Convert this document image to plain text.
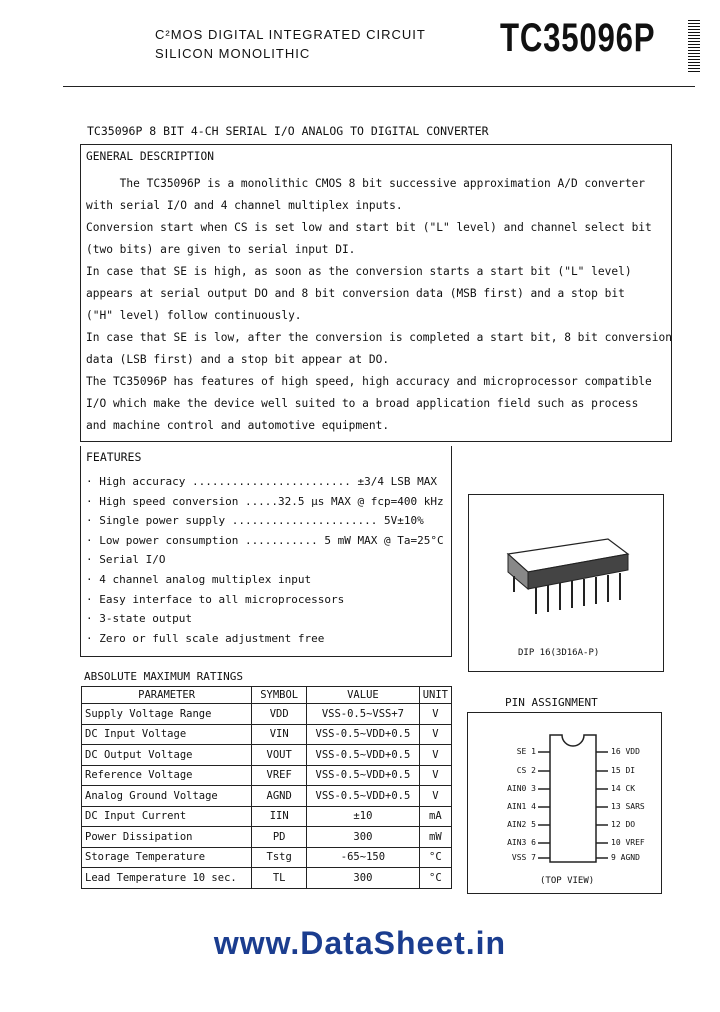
C²MOS DIGITAL INTEGRATED CIRCUIT
SILICON MONOLITHIC	TC35096P
TC35096P 8 BIT 4-CH SERIAL I/O ANALOG TO DIGITAL CONVERTER

GENERAL DESCRIPTION

The TC35096P is a monolithic CMOS 8 bit successive approximation A/D converter

with serial I/O and 4 channel multiplex inputs.

Conversion start when CS is set low and start bit ("L" level) and channel select bit

(two bits) are given to serial input DI.

In case that SE is high, as soon as the conversion starts a start bit ("L" level)

appears at serial output DO and 8 bit conversion data (MSB first) and a stop bit

("H" level) follow continuously.

In case that SE is low, after the conversion is completed a start bit, 8 bit conversion

data (LSB first) and a stop bit appear at DO.

The TC35096P has features of high speed, high accuracy and microprocessor compatible

I/O which make the device well suited to a broad application field such as process

and machine control and automotive equipment.

FEATURES
· High accuracy ........................ ±3/4 LSB MAX
· High speed conversion .....32.5 μs MAX @ fcp=400 kHz
· Single power supply ...................... 5V±10%
· Low power consumption ........... 5 mW MAX @ Ta=25°C
· Serial I/O
· 4 channel analog multiplex input
· Easy interface to all microprocessors
· 3-state output
· Zero or full scale adjustment free
DIP 16(3D16A-P)
ABSOLUTE MAXIMUM RATINGS
PARAMETER	SYMBOL	VALUE	UNIT
Supply Voltage Range	VDD	VSS-0.5∼VSS+7	V
DC Input Voltage	VIN	VSS-0.5∼VDD+0.5	V
DC Output Voltage	VOUT	VSS-0.5∼VDD+0.5	V
Reference Voltage	VREF	VSS-0.5∼VDD+0.5	V
Analog Ground Voltage	AGND	VSS-0.5∼VDD+0.5	V
DC Input Current	IIN	±10	mA
Power Dissipation	PD	300	mW
Storage Temperature	Tstg	-65∼150	°C
Lead Temperature 10 sec.	TL	300	°C
PIN ASSIGNMENT
SE 1
CS 2
AIN0 3
AIN1 4
AIN2 5
AIN3 6
VSS 7
16 VDD
15 DI
14 CK
13 SARS
12 DO
10 VREF
9 AGND
(TOP VIEW)
www.DataSheet.in
